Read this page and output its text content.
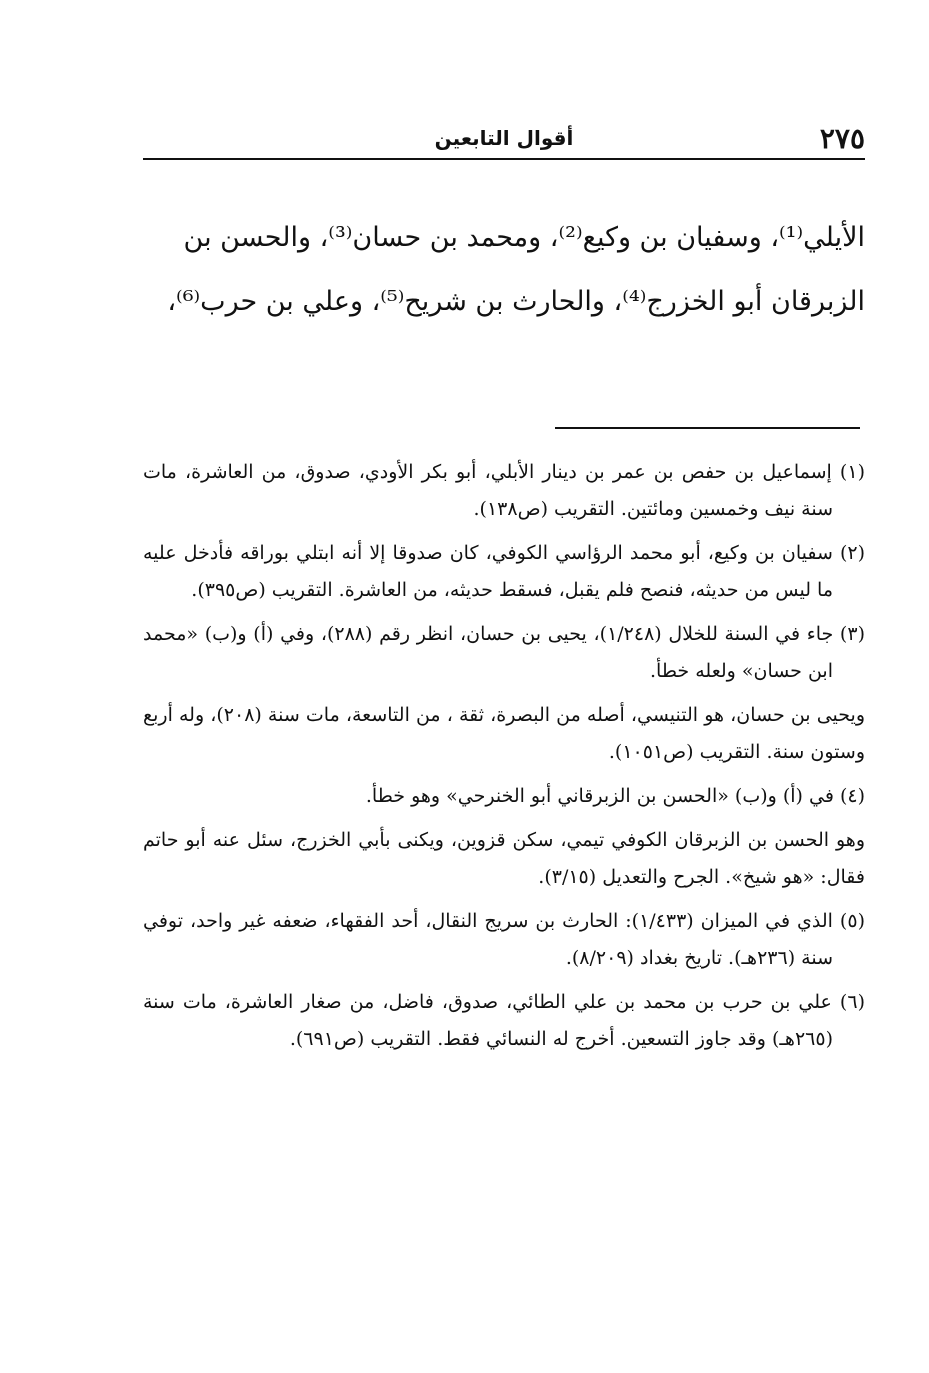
٢٧٥
أقوال التابعين

الأيلي⁽¹⁾، وسفيان بن وكيع⁽²⁾، ومحمد بن حسان⁽³⁾، والحسن بن

الزبرقان أبو الخزرج⁽⁴⁾، والحارث بن شريح⁽⁵⁾، وعلي بن حرب⁽⁶⁾،

(١) إسماعيل بن حفص بن عمر بن دينار الأبلي، أبو بكر الأودي، صدوق، من العاشرة، مات سنة نيف وخمسين ومائتين. التقريب (ص١٣٨).

(٢) سفيان بن وكيع، أبو محمد الرؤاسي الكوفي، كان صدوقا إلا أنه ابتلي بوراقه فأدخل عليه ما ليس من حديثه، فنصح فلم يقبل، فسقط حديثه، من العاشرة. التقريب (ص٣٩٥).

(٣) جاء في السنة للخلال (١/٢٤٨)، يحيى بن حسان، انظر رقم (٢٨٨)، وفي (أ) و(ب) «محمد ابن حسان» ولعله خطأ.

ويحيى بن حسان، هو التنيسي، أصله من البصرة، ثقة ، من التاسعة، مات سنة (٢٠٨)، وله أربع وستون سنة. التقريب (ص١٠٥١).

(٤) في (أ) و(ب) «الحسن بن الزبرقاني أبو الخنرحي» وهو خطأ.

وهو الحسن بن الزبرقان الكوفي تيمي، سكن قزوين، ويكنى بأبي الخزرج، سئل عنه أبو حاتم فقال: «هو شيخ». الجرح والتعديل (٣/١٥).

(٥) الذي في الميزان (١/٤٣٣): الحارث بن سريج النقال، أحد الفقهاء، ضعفه غير واحد، توفي سنة (٢٣٦هـ). تاريخ بغداد (٨/٢٠٩).

(٦) علي بن حرب بن محمد بن علي الطائي، صدوق، فاضل، من صغار العاشرة، مات سنة (٢٦٥هـ) وقد جاوز التسعين. أخرج له النسائي فقط. التقريب (ص٦٩١).
